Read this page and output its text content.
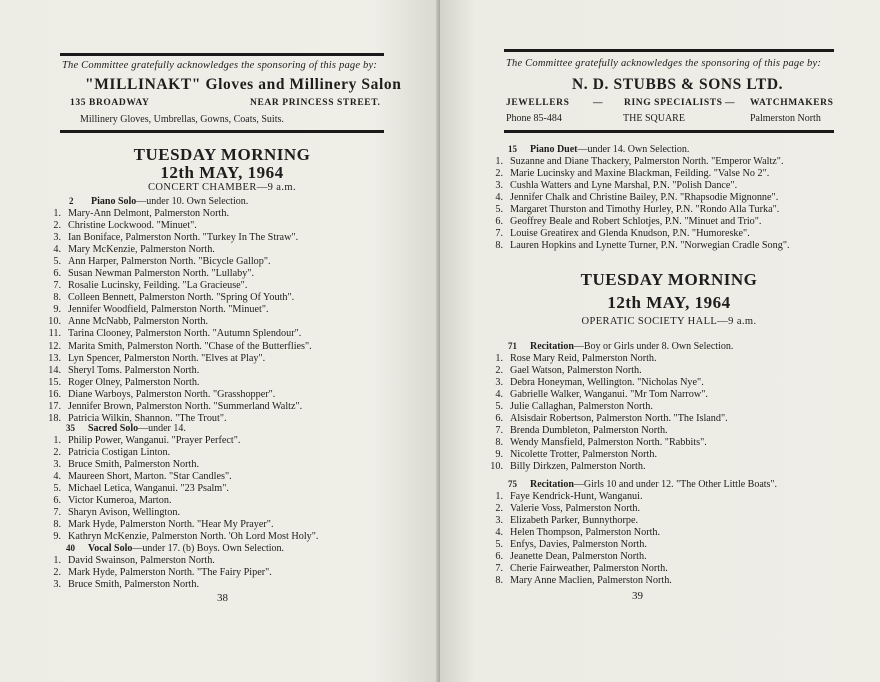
The Committee gratefully acknowledges the sponsoring of this page by:
"MILLINAKT" Gloves and Millinery Salon
135 BROADWAY	NEAR PRINCESS STREET.
Millinery Gloves, Umbrellas, Gowns, Coats, Suits.
TUESDAY MORNING
12th MAY, 1964
CONCERT CHAMBER—9 a.m.
2 Piano Solo—under 10. Own Selection.
1. Mary-Ann Delmont, Palmerston North.
2. Christine Lockwood. "Minuet".
3. Ian Boniface, Palmerston North. "Turkey In The Straw".
4. Mary McKenzie, Palmerston North.
5. Ann Harper, Palmerston North. "Bicycle Gallop".
6. Susan Newman Palmerston North. "Lullaby".
7. Rosalie Lucinsky, Feilding. "La Gracieuse".
8. Colleen Bennett, Palmerston North. "Spring Of Youth".
9. Jennifer Woodfield, Palmerston North. "Minuet".
10. Anne McNabb, Palmerston North.
11. Tarina Clooney, Palmerston North. "Autumn Splendour".
12. Marita Smith, Palmerston North. "Chase of the Butterflies".
13. Lyn Spencer, Palmerston North. "Elves at Play".
14. Sheryl Toms. Palmerston North.
15. Roger Olney, Palmerston North.
16. Diane Warboys, Palmerston North. "Grasshopper".
17. Jennifer Brown, Palmerston North. "Summerland Waltz".
18. Patricia Wilkin, Shannon. "The Trout".
35 Sacred Solo—under 14.
1. Philip Power, Wanganui. "Prayer Perfect".
2. Patricia Costigan Linton.
3. Bruce Smith, Palmerston North.
4. Maureen Short, Marton. "Star Candles".
5. Michael Letica, Wanganui. "23 Psalm".
6. Victor Kumeroa, Marton.
7. Sharyn Avison, Wellington.
8. Mark Hyde, Palmerston North. "Hear My Prayer".
9. Kathryn McKenzie, Palmerston North. 'Oh Lord Most Holy".
40 Vocal Solo—under 17. (b) Boys. Own Selection.
1. David Swainson, Palmerston North.
2. Mark Hyde, Palmerston North. "The Fairy Piper".
3. Bruce Smith, Palmerston North.
38
The Committee gratefully acknowledges the sponsoring of this page by:
N. D. STUBBS & SONS LTD.
JEWELLERS — RING SPECIALISTS — WATCHMAKERS
Phone 85-484	THE SQUARE	Palmerston North
15 Piano Duet—under 14. Own Selection.
1. Suzanne and Diane Thackery, Palmerston North. "Emperor Waltz".
2. Marie Lucinsky and Maxine Blackman, Feilding. "Valse No 2".
3. Cushla Watters and Lyne Marshal, P.N. "Polish Dance".
4. Jennifer Chalk and Christine Bailey, P.N. "Rhapsodie Mignonne".
5. Margaret Thurston and Timothy Hurley, P.N. "Rondo Alla Turka".
6. Geoffrey Beale and Robert Schlotjes, P.N. "Minuet and Trio".
7. Louise Greatirex and Glenda Knudson, P.N. "Humoreske".
8. Lauren Hopkins and Lynette Turner, P.N. "Norwegian Cradle Song".
TUESDAY MORNING
12th MAY, 1964
OPERATIC SOCIETY HALL—9 a.m.
71 Recitation—Boy or Girls under 8. Own Selection.
1. Rose Mary Reid, Palmerston North.
2. Gael Watson, Palmerston North.
3. Debra Honeyman, Wellington. "Nicholas Nye".
4. Gabrielle Walker, Wanganui. "Mr Tom Narrow".
5. Julie Callaghan, Palmerston North.
6. Alsisdair Robertson, Palmerston North. "The Island".
7. Brenda Dumbleton, Palmerston North.
8. Wendy Mansfield, Palmerston North. "Rabbits".
9. Nicolette Trotter, Palmerston North.
10. Billy Dirkzen, Palmerston North.
75 Recitation—Girls 10 and under 12. "The Other Little Boats".
1. Faye Kendrick-Hunt, Wanganui.
2. Valerie Voss, Palmerston North.
3. Elizabeth Parker, Bunnythorpe.
4. Helen Thompson, Palmerston North.
5. Enfys, Davies, Palmerston North.
6. Jeanette Dean, Palmerston North.
7. Cherie Fairweather, Palmerston North.
8. Mary Anne Maclien, Palmerston North.
39
